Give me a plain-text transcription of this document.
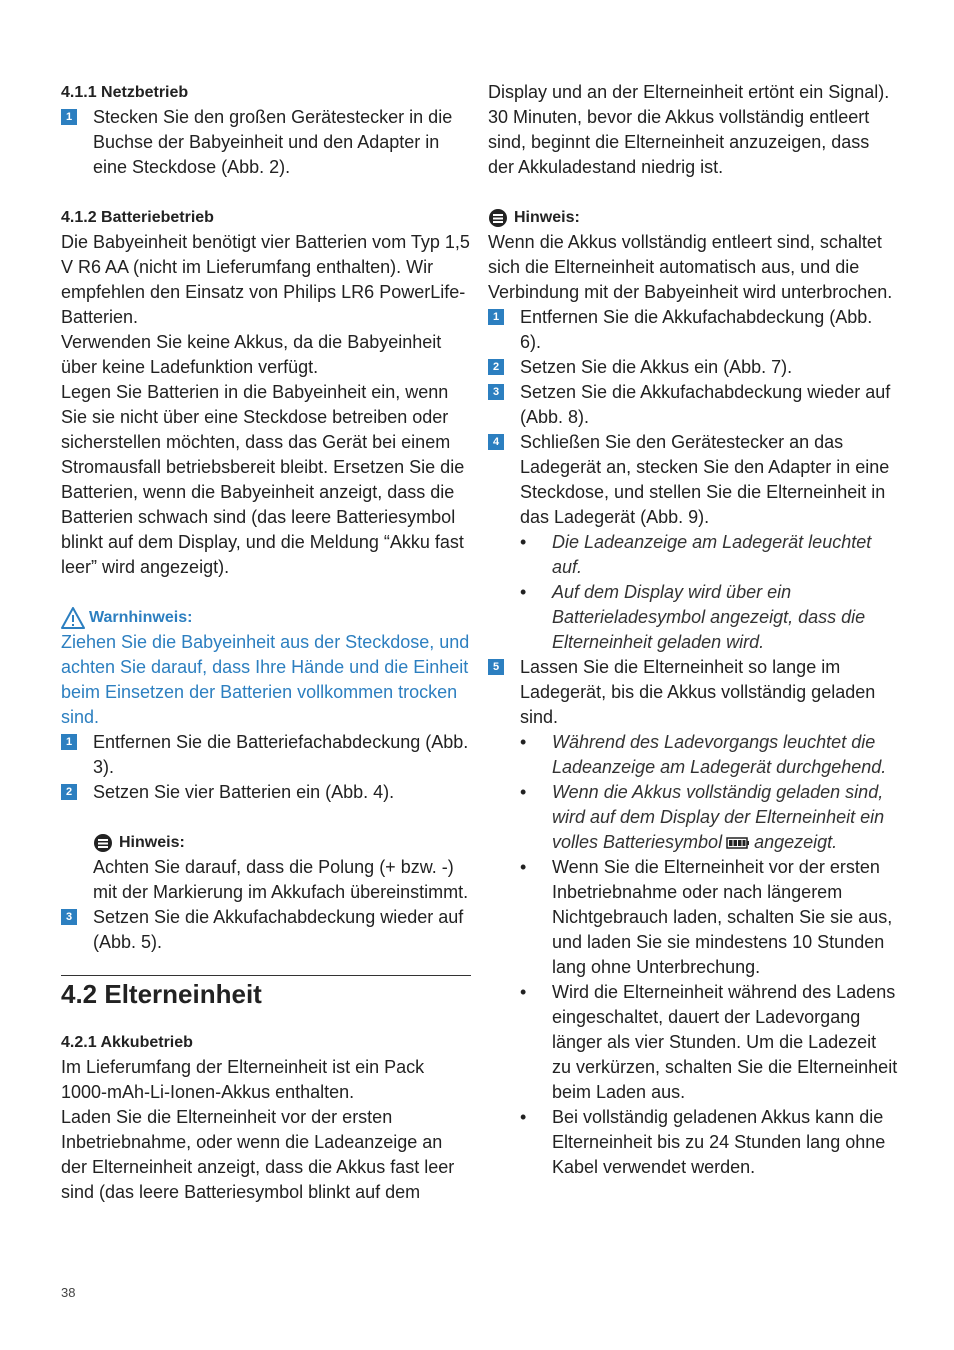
4.1.1 Netzbetrieb
1 Stecken Sie den großen Gerätestecker in die Buchse der Babyeinheit und den Adapter in eine Steckdose (Abb. 2).
4.1.2 Batteriebetrieb

Die Babyeinheit benötigt vier Batterien vom Typ 1,5 V R6 AA (nicht im Lieferumfang enthalten). Wir empfehlen den Einsatz von Philips LR6 PowerLife-Batterien.

Verwenden Sie keine Akkus, da die Babyeinheit über keine Ladefunktion verfügt.

Legen Sie Batterien in die Babyeinheit ein, wenn Sie sie nicht über eine Steckdose betreiben oder sicherstellen möchten, dass das Gerät bei einem Stromausfall betriebsbereit bleibt. Ersetzen Sie die Batterien, wenn die Babyeinheit anzeigt, dass die Batterien schwach sind (das leere Batteriesymbol blinkt auf dem Display, und die Meldung “Akku fast leer” wird angezeigt).

Warnhinweis:

Ziehen Sie die Babyeinheit aus der Steckdose, und achten Sie darauf, dass Ihre Hände und die Einheit beim Einsetzen der Batterien vollkommen trocken sind.

1 Entfernen Sie die Batteriefachabdeckung (Abb. 3).
2 Setzen Sie vier Batterien ein (Abb. 4).
Hinweis:

Achten Sie darauf, dass die Polung (+ bzw. -) mit der Markierung im Akkufach übereinstimmt.

3 Setzen Sie die Akkufachabdeckung wieder auf (Abb. 5).
4.2 Elterneinheit
4.2.1 Akkubetrieb

Im Lieferumfang der Elterneinheit ist ein Pack 1000-mAh-Li-Ionen-Akkus enthalten.

Laden Sie die Elterneinheit vor der ersten Inbetriebnahme, oder wenn die Ladeanzeige an der Elterneinheit anzeigt, dass die Akkus fast leer sind (das leere Batteriesymbol blinkt auf dem

Display und an der Elterneinheit ertönt ein Signal). 30 Minuten, bevor die Akkus vollständig entleert sind, beginnt die Elterneinheit anzuzeigen, dass der Akkuladestand niedrig ist.

Hinweis:

Wenn die Akkus vollständig entleert sind, schaltet sich die Elterneinheit automatisch aus, und die Verbindung mit der Babyeinheit wird unterbrochen.

1 Entfernen Sie die Akkufachabdeckung (Abb. 6).
2 Setzen Sie die Akkus ein (Abb. 7).
3 Setzen Sie die Akkufachabdeckung wieder auf (Abb. 8).
4 Schließen Sie den Gerätestecker an das Ladegerät an, stecken Sie den Adapter in eine Steckdose, und stellen Sie die Elterneinheit in das Ladegerät (Abb. 9).
•	Die Ladeanzeige am Ladegerät leuchtet auf.
•	Auf dem Display wird über ein Batterieladesymbol angezeigt, dass die Elterneinheit geladen wird.
5 Lassen Sie die Elterneinheit so lange im Ladegerät, bis die Akkus vollständig geladen sind.
•	Während des Ladevorgangs leuchtet die Ladeanzeige am Ladegerät durchgehend.
•	Wenn die Akkus vollständig geladen sind, wird auf dem Display der Elterneinheit ein volles Batteriesymbol angezeigt.
•	Wenn Sie die Elterneinheit vor der ersten Inbetriebnahme oder nach längerem Nichtgebrauch laden, schalten Sie sie aus, und laden Sie sie mindestens 10 Stunden lang ohne Unterbrechung.
•	Wird die Elterneinheit während des Ladens eingeschaltet, dauert der Ladevorgang länger als vier Stunden. Um die Ladezeit zu verkürzen, schalten Sie die Elterneinheit beim Laden aus.
•	Bei vollständig geladenen Akkus kann die Elterneinheit bis zu 24 Stunden lang ohne Kabel verwendet werden.
38
